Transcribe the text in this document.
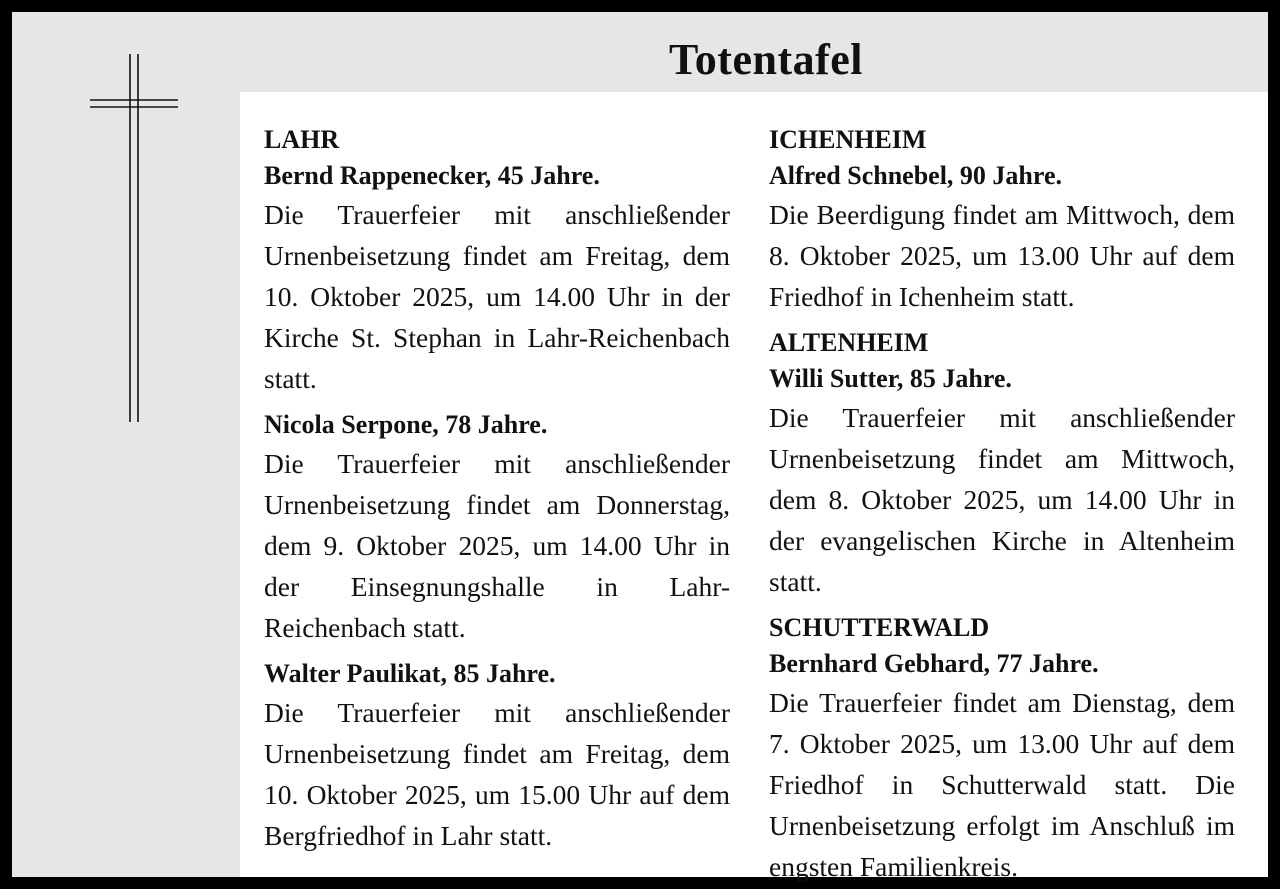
Totentafel

LAHR

Bernd Rappenecker, 45 Jahre.

Die Trauerfeier mit anschließender Urnenbeisetzung findet am Freitag, dem 10. Oktober 2025, um 14.00 Uhr in der Kirche St. Stephan in Lahr-Reichenbach statt.

Nicola Serpone, 78 Jahre.

Die Trauerfeier mit anschließender Urnenbeisetzung findet am Donnerstag, dem 9. Oktober 2025, um 14.00 Uhr in der Einsegnungshalle in Lahr-Reichenbach statt.

Walter Paulikat, 85 Jahre.

Die Trauerfeier mit anschließender Urnenbeisetzung findet am Freitag, dem 10. Oktober 2025, um 15.00 Uhr auf dem Bergfriedhof in Lahr statt.

ICHENHEIM

Alfred Schnebel, 90 Jahre.

Die Beerdigung findet am Mittwoch, dem 8. Oktober 2025, um 13.00 Uhr auf dem Friedhof in Ichenheim statt.

ALTENHEIM

Willi Sutter, 85 Jahre.

Die Trauerfeier mit anschließender Urnenbeisetzung findet am Mittwoch, dem 8. Oktober 2025, um 14.00 Uhr in der evangelischen Kirche in Altenheim statt.

SCHUTTERWALD

Bernhard Gebhard, 77 Jahre.

Die Trauerfeier findet am Dienstag, dem 7. Oktober 2025, um 13.00 Uhr auf dem Friedhof in Schutterwald statt. Die Urnenbeisetzung erfolgt im Anschluß im engsten Familienkreis.
